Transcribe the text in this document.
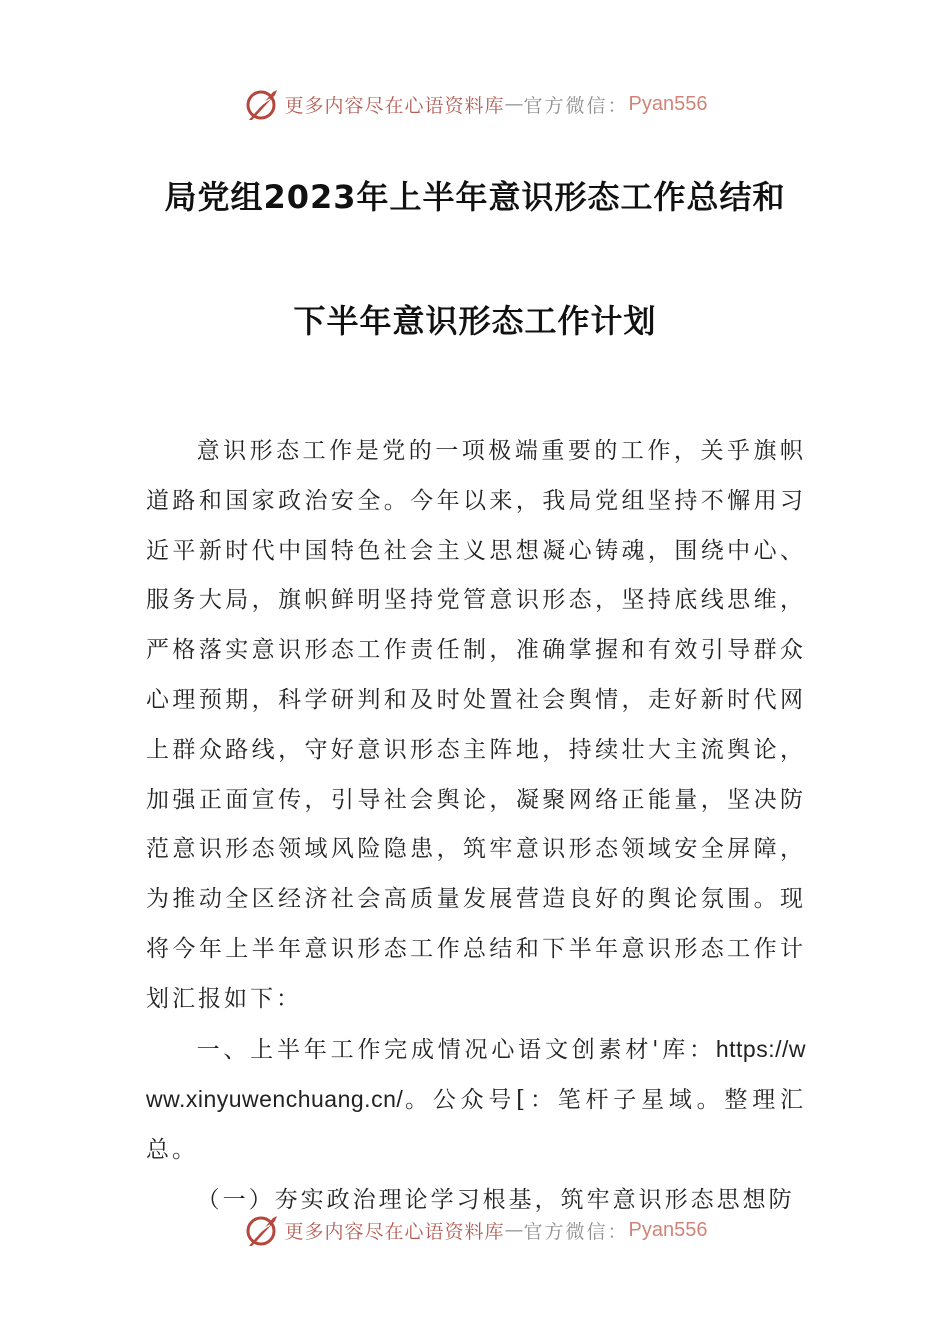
更多内容尽在心语资料库 — 官方微信： Pyan556
局党组2023年上半年意识形态工作总结和
下半年意识形态工作计划

意识形态工作是党的一项极端重要的工作，关乎旗帜道路和国家政治安全。今年以来，我局党组坚持不懈用习近平新时代中国特色社会主义思想凝心铸魂，围绕中心、服务大局，旗帜鲜明坚持党管意识形态，坚持底线思维，严格落实意识形态工作责任制，准确掌握和有效引导群众心理预期，科学研判和及时处置社会舆情，走好新时代网上群众路线，守好意识形态主阵地，持续壮大主流舆论，加强正面宣传，引导社会舆论，凝聚网络正能量，坚决防范意识形态领域风险隐患，筑牢意识形态领域安全屏障，为推动全区经济社会高质量发展营造良好的舆论氛围。现将今年上半年意识形态工作总结和下半年意识形态工作计划汇报如下：

一、上半年工作完成情况心语文创素材'库：https://www.xinyuwenchuang.cn/。公众号[：笔杆子星域。整理汇总。

（一）夯实政治理论学习根基，筑牢意识形态思想防

更多内容尽在心语资料库 — 官方微信： Pyan556
